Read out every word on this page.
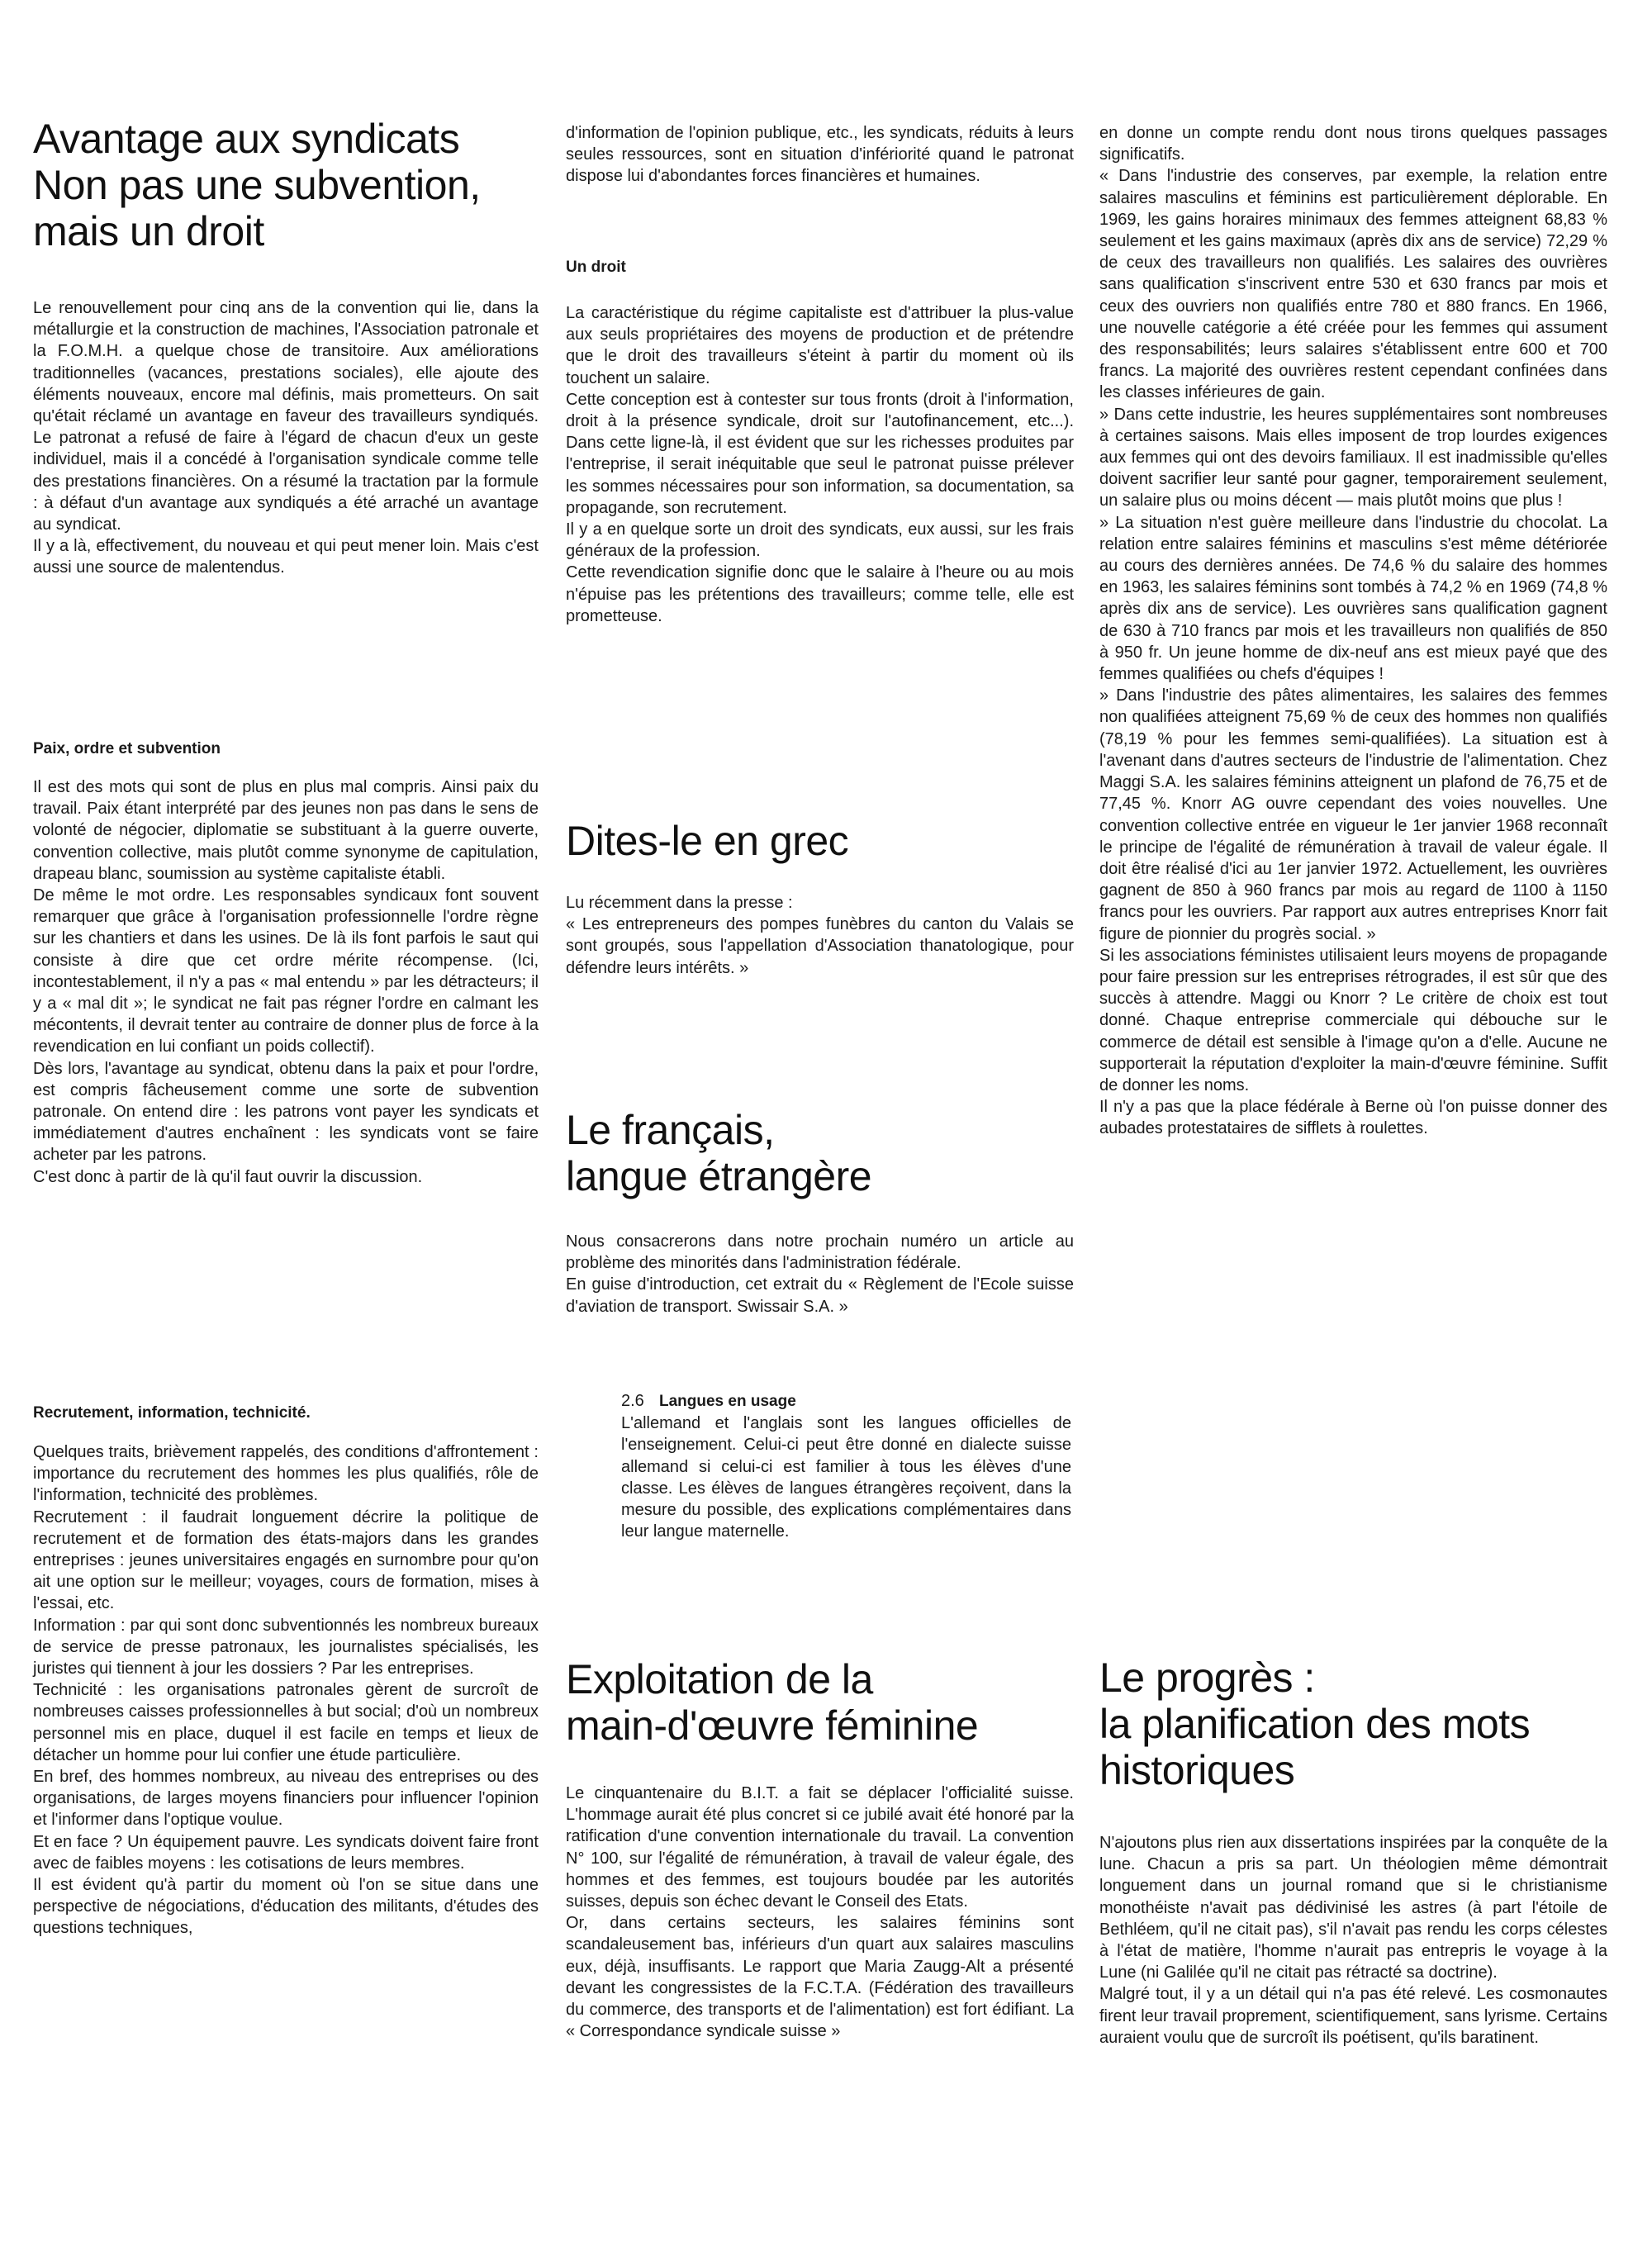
Avantage aux syndicats
Non pas une subvention,
mais un droit

Le renouvellement pour cinq ans de la convention qui lie, dans la métallurgie et la construction de machines, l'Association patronale et la F.O.M.H. a quelque chose de transitoire. Aux améliorations traditionnelles (vacances, prestations sociales), elle ajoute des éléments nouveaux, encore mal définis, mais prometteurs. On sait qu'était réclamé un avantage en faveur des travailleurs syndiqués. Le patronat a refusé de faire à l'égard de chacun d'eux un geste individuel, mais il a concédé à l'organisation syndicale comme telle des prestations financières. On a résumé la tractation par la formule : à défaut d'un avantage aux syndiqués a été arraché un avantage au syndicat.

Il y a là, effectivement, du nouveau et qui peut mener loin. Mais c'est aussi une source de malentendus.

Paix, ordre et subvention

Il est des mots qui sont de plus en plus mal compris. Ainsi paix du travail. Paix étant interprété par des jeunes non pas dans le sens de volonté de négocier, diplomatie se substituant à la guerre ouverte, convention collective, mais plutôt comme synonyme de capitulation, drapeau blanc, soumission au système capitaliste établi.

De même le mot ordre. Les responsables syndicaux font souvent remarquer que grâce à l'organisation professionnelle l'ordre règne sur les chantiers et dans les usines. De là ils font parfois le saut qui consiste à dire que cet ordre mérite récompense. (Ici, incontestablement, il n'y a pas « mal entendu » par les détracteurs; il y a « mal dit »; le syndicat ne fait pas régner l'ordre en calmant les mécontents, il devrait tenter au contraire de donner plus de force à la revendication en lui confiant un poids collectif).

Dès lors, l'avantage au syndicat, obtenu dans la paix et pour l'ordre, est compris fâcheusement comme une sorte de subvention patronale. On entend dire : les patrons vont payer les syndicats et immédiatement d'autres enchaînent : les syndicats vont se faire acheter par les patrons.

C'est donc à partir de là qu'il faut ouvrir la discussion.

Recrutement, information, technicité.

Quelques traits, brièvement rappelés, des conditions d'affrontement : importance du recrutement des hommes les plus qualifiés, rôle de l'information, technicité des problèmes.

Recrutement : il faudrait longuement décrire la politique de recrutement et de formation des états-majors dans les grandes entreprises : jeunes universitaires engagés en surnombre pour qu'on ait une option sur le meilleur; voyages, cours de formation, mises à l'essai, etc.

Information : par qui sont donc subventionnés les nombreux bureaux de service de presse patronaux, les journalistes spécialisés, les juristes qui tiennent à jour les dossiers ? Par les entreprises.

Technicité : les organisations patronales gèrent de surcroît de nombreuses caisses professionnelles à but social; d'où un nombreux personnel mis en place, duquel il est facile en temps et lieux de détacher un homme pour lui confier une étude particulière.

En bref, des hommes nombreux, au niveau des entreprises ou des organisations, de larges moyens financiers pour influencer l'opinion et l'informer dans l'optique voulue.

Et en face ? Un équipement pauvre. Les syndicats doivent faire front avec de faibles moyens : les cotisations de leurs membres.

Il est évident qu'à partir du moment où l'on se situe dans une perspective de négociations, d'éducation des militants, d'études des questions techniques,

d'information de l'opinion publique, etc., les syndicats, réduits à leurs seules ressources, sont en situation d'infériorité quand le patronat dispose lui d'abondantes forces financières et humaines.

Un droit

La caractéristique du régime capitaliste est d'attribuer la plus-value aux seuls propriétaires des moyens de production et de prétendre que le droit des travailleurs s'éteint à partir du moment où ils touchent un salaire.

Cette conception est à contester sur tous fronts (droit à l'information, droit à la présence syndicale, droit sur l'autofinancement, etc...). Dans cette ligne-là, il est évident que sur les richesses produites par l'entreprise, il serait inéquitable que seul le patronat puisse prélever les sommes nécessaires pour son information, sa documentation, sa propagande, son recrutement.

Il y a en quelque sorte un droit des syndicats, eux aussi, sur les frais généraux de la profession.

Cette revendication signifie donc que le salaire à l'heure ou au mois n'épuise pas les prétentions des travailleurs; comme telle, elle est prometteuse.

Dites-le en grec

Lu récemment dans la presse :

« Les entrepreneurs des pompes funèbres du canton du Valais se sont groupés, sous l'appellation d'Association thanatologique, pour défendre leurs intérêts. »

Le français,
langue étrangère

Nous consacrerons dans notre prochain numéro un article au problème des minorités dans l'administration fédérale.

En guise d'introduction, cet extrait du « Règlement de l'Ecole suisse d'aviation de transport. Swissair S.A. »

2.6 Langues en usage
L'allemand et l'anglais sont les langues officielles de l'enseignement. Celui-ci peut être donné en dialecte suisse allemand si celui-ci est familier à tous les élèves d'une classe. Les élèves de langues étrangères reçoivent, dans la mesure du possible, des explications complémentaires dans leur langue maternelle.
Exploitation de la
main-d'œuvre féminine

Le cinquantenaire du B.I.T. a fait se déplacer l'officialité suisse. L'hommage aurait été plus concret si ce jubilé avait été honoré par la ratification d'une convention internationale du travail. La convention N° 100, sur l'égalité de rémunération, à travail de valeur égale, des hommes et des femmes, est toujours boudée par les autorités suisses, depuis son échec devant le Conseil des Etats.

Or, dans certains secteurs, les salaires féminins sont scandaleusement bas, inférieurs d'un quart aux salaires masculins eux, déjà, insuffisants. Le rapport que Maria Zaugg-Alt a présenté devant les congressistes de la F.C.T.A. (Fédération des travailleurs du commerce, des transports et de l'alimentation) est fort édifiant. La « Correspondance syndicale suisse »

en donne un compte rendu dont nous tirons quelques passages significatifs.

« Dans l'industrie des conserves, par exemple, la relation entre salaires masculins et féminins est particulièrement déplorable. En 1969, les gains horaires minimaux des femmes atteignent 68,83 % seulement et les gains maximaux (après dix ans de service) 72,29 % de ceux des travailleurs non qualifiés. Les salaires des ouvrières sans qualification s'inscrivent entre 530 et 630 francs par mois et ceux des ouvriers non qualifiés entre 780 et 880 francs. En 1966, une nouvelle catégorie a été créée pour les femmes qui assument des responsabilités; leurs salaires s'établissent entre 600 et 700 francs. La majorité des ouvrières restent cependant confinées dans les classes inférieures de gain.

» Dans cette industrie, les heures supplémentaires sont nombreuses à certaines saisons. Mais elles imposent de trop lourdes exigences aux femmes qui ont des devoirs familiaux. Il est inadmissible qu'elles doivent sacrifier leur santé pour gagner, temporairement seulement, un salaire plus ou moins décent — mais plutôt moins que plus !

» La situation n'est guère meilleure dans l'industrie du chocolat. La relation entre salaires féminins et masculins s'est même détériorée au cours des dernières années. De 74,6 % du salaire des hommes en 1963, les salaires féminins sont tombés à 74,2 % en 1969 (74,8 % après dix ans de service). Les ouvrières sans qualification gagnent de 630 à 710 francs par mois et les travailleurs non qualifiés de 850 à 950 fr. Un jeune homme de dix-neuf ans est mieux payé que des femmes qualifiées ou chefs d'équipes !

» Dans l'industrie des pâtes alimentaires, les salaires des femmes non qualifiées atteignent 75,69 % de ceux des hommes non qualifiés (78,19 % pour les femmes semi-qualifiées). La situation est à l'avenant dans d'autres secteurs de l'industrie de l'alimentation. Chez Maggi S.A. les salaires féminins atteignent un plafond de 76,75 et de 77,45 %. Knorr AG ouvre cependant des voies nouvelles. Une convention collective entrée en vigueur le 1er janvier 1968 reconnaît le principe de l'égalité de rémunération à travail de valeur égale. Il doit être réalisé d'ici au 1er janvier 1972. Actuellement, les ouvrières gagnent de 850 à 960 francs par mois au regard de 1100 à 1150 francs pour les ouvriers. Par rapport aux autres entreprises Knorr fait figure de pionnier du progrès social. »

Si les associations féministes utilisaient leurs moyens de propagande pour faire pression sur les entreprises rétrogrades, il est sûr que des succès à attendre. Maggi ou Knorr ? Le critère de choix est tout donné. Chaque entreprise commerciale qui débouche sur le commerce de détail est sensible à l'image qu'on a d'elle. Aucune ne supporterait la réputation d'exploiter la main-d'œuvre féminine. Suffit de donner les noms.

Il n'y a pas que la place fédérale à Berne où l'on puisse donner des aubades protestataires de sifflets à roulettes.

Le progrès :
la planification des mots
historiques

N'ajoutons plus rien aux dissertations inspirées par la conquête de la lune. Chacun a pris sa part. Un théologien même démontrait longuement dans un journal romand que si le christianisme monothéiste n'avait pas dédivinisé les astres (à part l'étoile de Bethléem, qu'il ne citait pas), s'il n'avait pas rendu les corps célestes à l'état de matière, l'homme n'aurait pas entrepris le voyage à la Lune (ni Galilée qu'il ne citait pas rétracté sa doctrine).

Malgré tout, il y a un détail qui n'a pas été relevé. Les cosmonautes firent leur travail proprement, scientifiquement, sans lyrisme. Certains auraient voulu que de surcroît ils poétisent, qu'ils baratinent.
